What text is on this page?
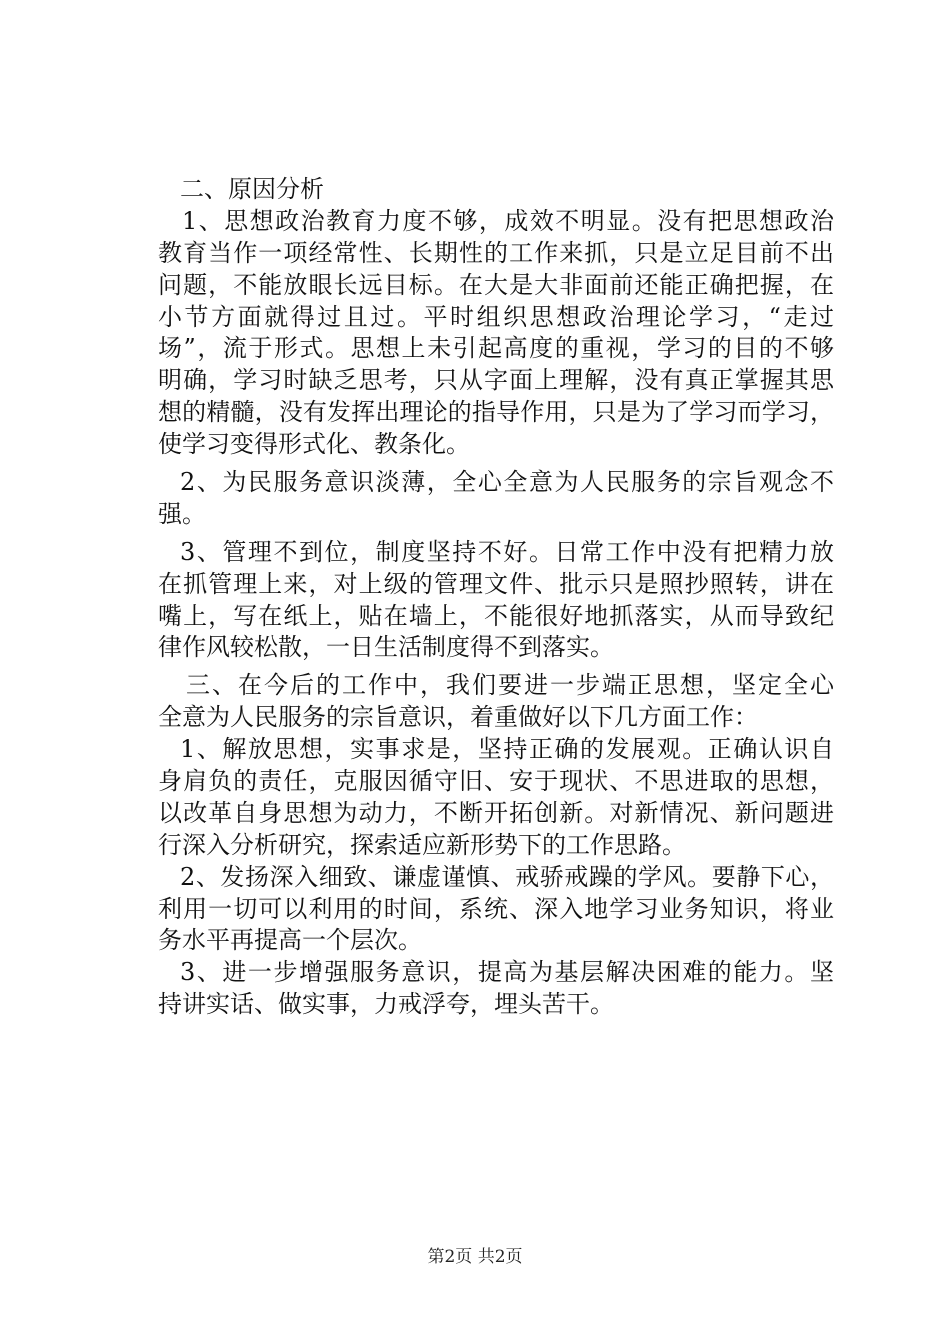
二、原因分析
1、思想政治教育力度不够，成效不明显。没有把思想政治
教育当作一项经常性、长期性的工作来抓，只是立足目前不出
问题，不能放眼长远目标。在大是大非面前还能正确把握，在
小节方面就得过且过。平时组织思想政治理论学习，“走过
场”，流于形式。思想上未引起高度的重视，学习的目的不够
明确，学习时缺乏思考，只从字面上理解，没有真正掌握其思
想的精髓，没有发挥出理论的指导作用，只是为了学习而学习，
使学习变得形式化、教条化。
2、为民服务意识淡薄，全心全意为人民服务的宗旨观念不
强。
3、管理不到位，制度坚持不好。日常工作中没有把精力放
在抓管理上来，对上级的管理文件、批示只是照抄照转，讲在
嘴上，写在纸上，贴在墙上，不能很好地抓落实，从而导致纪
律作风较松散，一日生活制度得不到落实。
三、在今后的工作中，我们要进一步端正思想，坚定全心
全意为人民服务的宗旨意识，着重做好以下几方面工作：
1、解放思想，实事求是，坚持正确的发展观。正确认识自
身肩负的责任，克服因循守旧、安于现状、不思进取的思想，
以改革自身思想为动力，不断开拓创新。对新情况、新问题进
行深入分析研究，探索适应新形势下的工作思路。
2、发扬深入细致、谦虚谨慎、戒骄戒躁的学风。要静下心，
利用一切可以利用的时间，系统、深入地学习业务知识，将业
务水平再提高一个层次。
3、进一步增强服务意识，提高为基层解决困难的能力。坚
持讲实话、做实事，力戒浮夸，埋头苦干。
第2页 共2页
